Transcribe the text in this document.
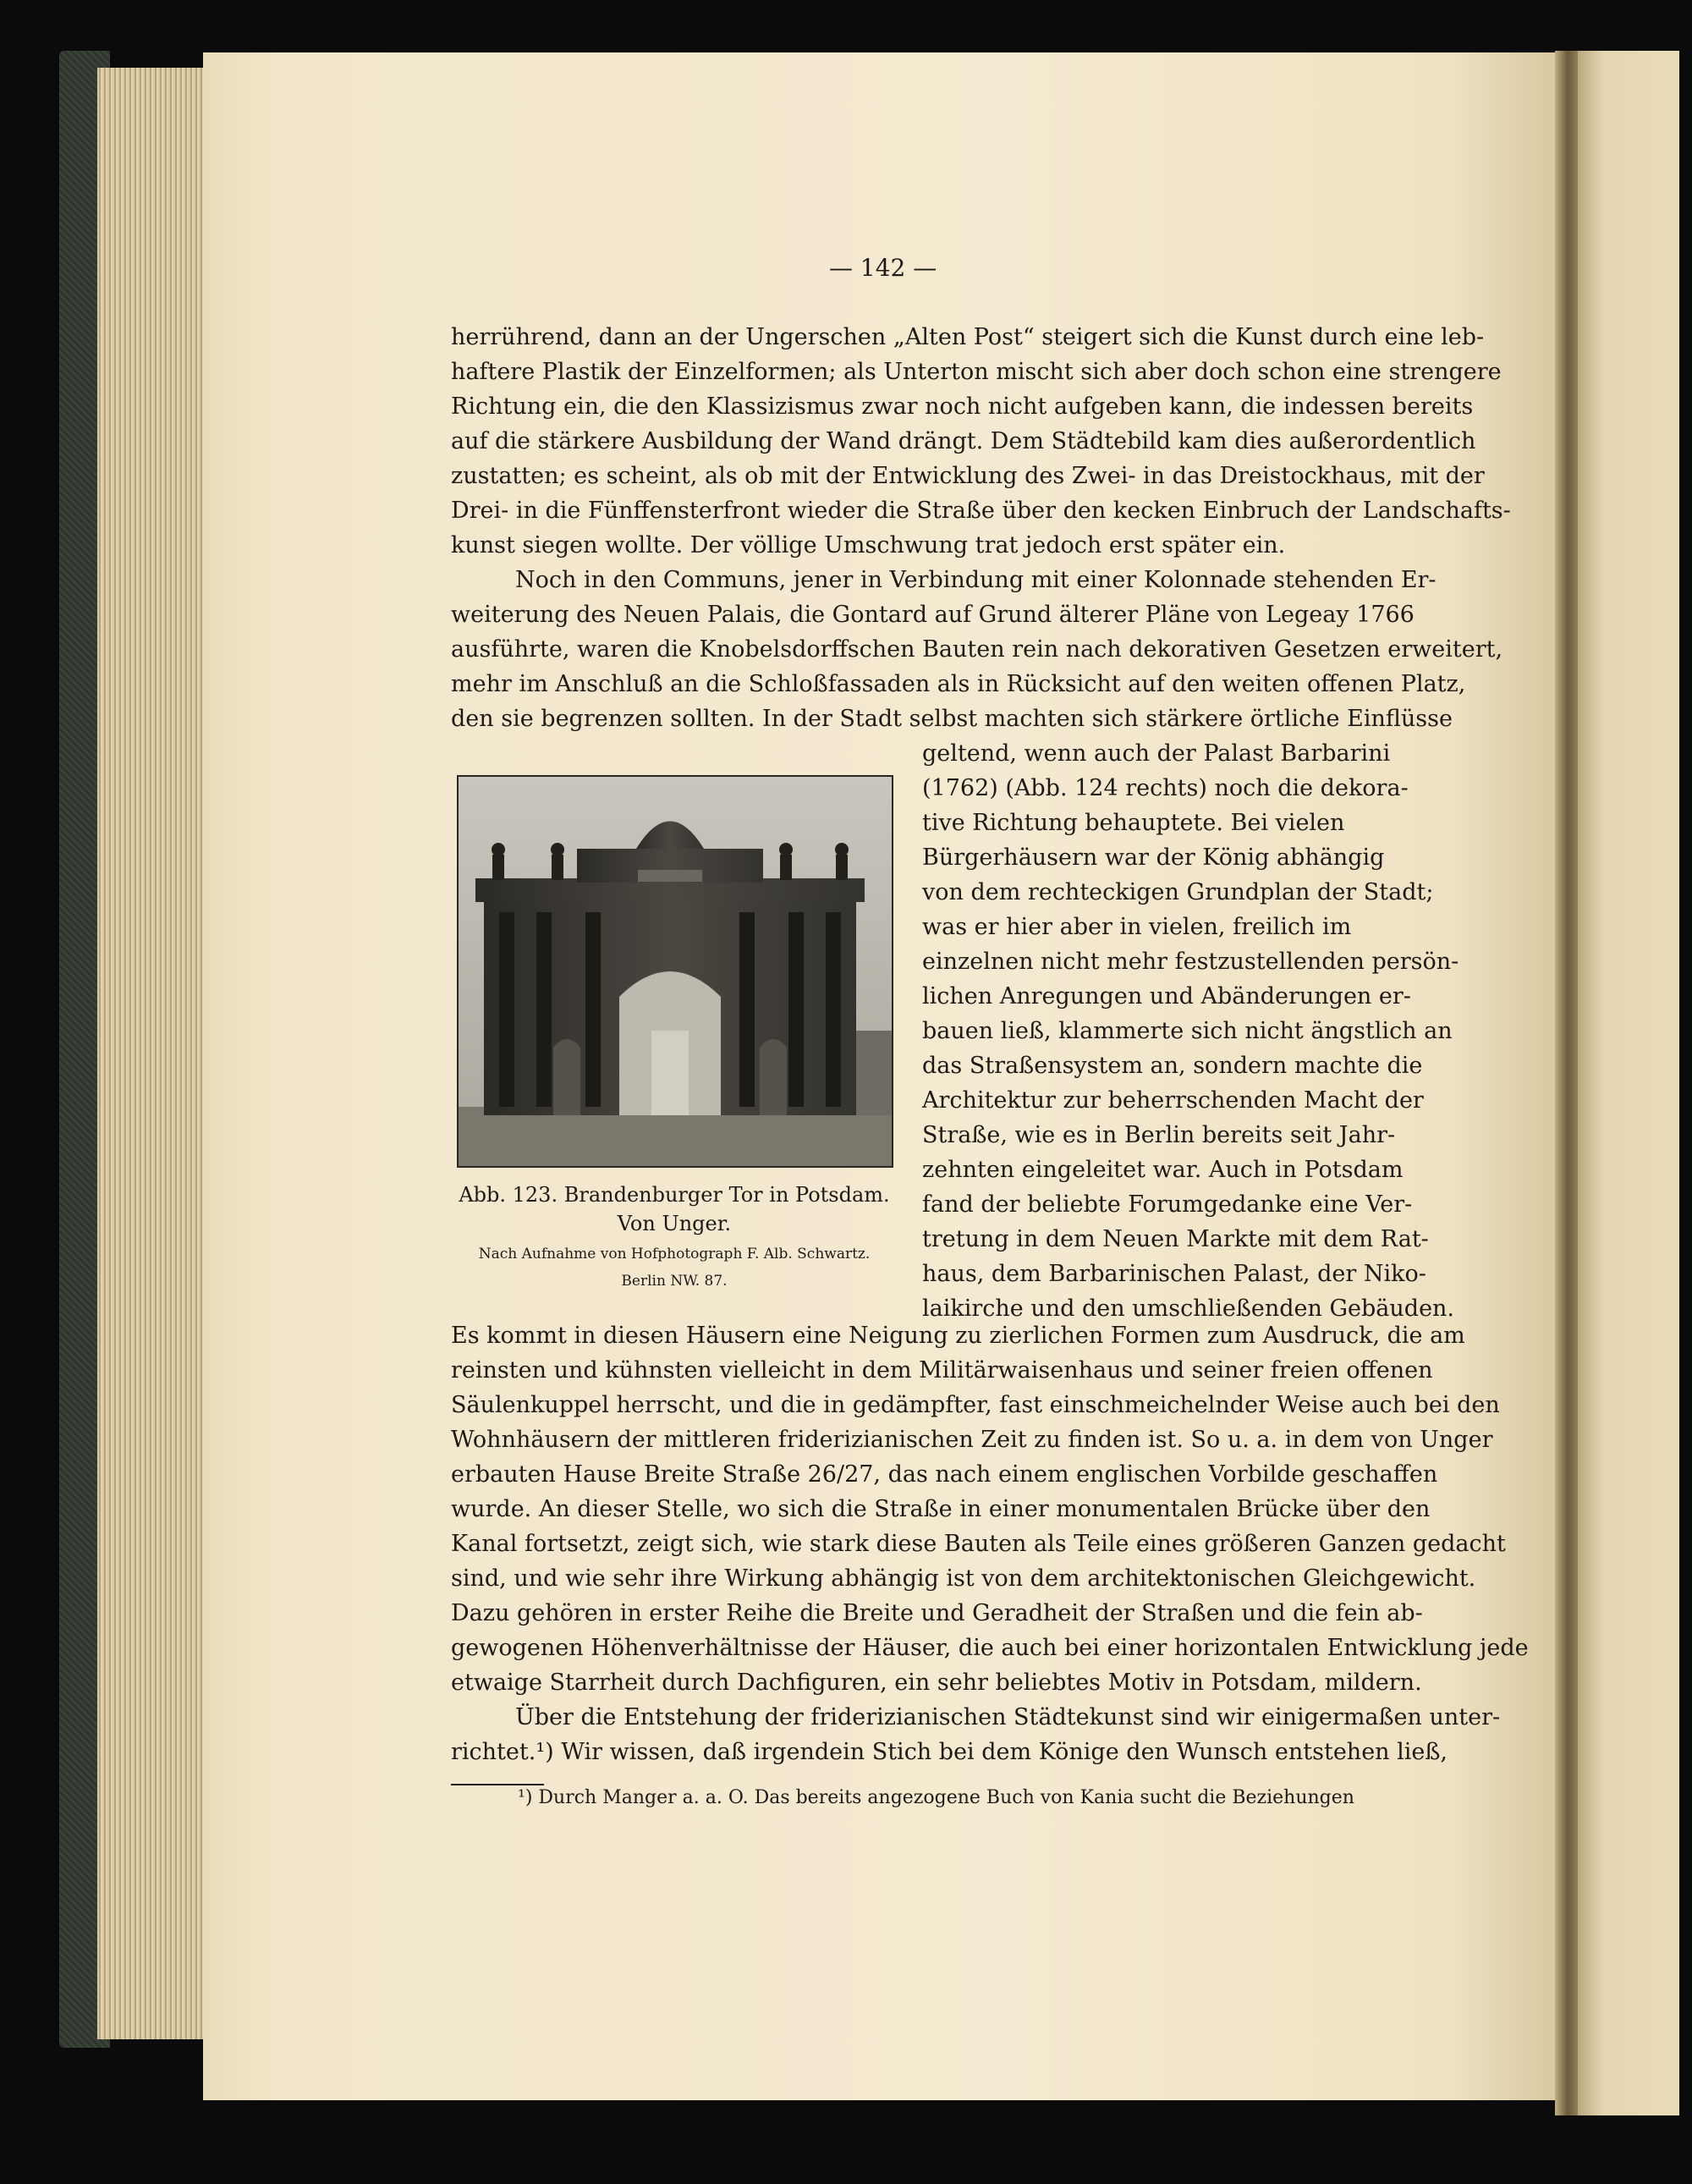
— 142 —
herrührend, dann an der Ungerschen „Alten Post“ steigert sich die Kunst durch eine leb-
haftere Plastik der Einzelformen; als Unterton mischt sich aber doch schon eine strengere
Richtung ein, die den Klassizismus zwar noch nicht aufgeben kann, die indessen bereits
auf die stärkere Ausbildung der Wand drängt. Dem Städtebild kam dies außerordentlich
zustatten; es scheint, als ob mit der Entwicklung des Zwei- in das Dreistockhaus, mit der
Drei- in die Fünffensterfront wieder die Straße über den kecken Einbruch der Landschafts-
kunst siegen wollte. Der völlige Umschwung trat jedoch erst später ein.
Noch in den Communs, jener in Verbindung mit einer Kolonnade stehenden Er-
weiterung des Neuen Palais, die Gontard auf Grund älterer Pläne von Legeay 1766
ausführte, waren die Knobelsdorffschen Bauten rein nach dekorativen Gesetzen erweitert,
mehr im Anschluß an die Schloßfassaden als in Rücksicht auf den weiten offenen Platz,
den sie begrenzen sollten. In der Stadt selbst machten sich stärkere örtliche Einflüsse
Abb. 123. Brandenburger Tor in Potsdam.
Von Unger.
Nach Aufnahme von Hofphotograph F. Alb. Schwartz.
Berlin NW. 87.
geltend, wenn auch der Palast Barbarini
(1762) (Abb. 124 rechts) noch die dekora-
tive Richtung behauptete. Bei vielen
Bürgerhäusern war der König abhängig
von dem rechteckigen Grundplan der Stadt;
was er hier aber in vielen, freilich im
einzelnen nicht mehr festzustellenden persön-
lichen Anregungen und Abänderungen er-
bauen ließ, klammerte sich nicht ängstlich an
das Straßensystem an, sondern machte die
Architektur zur beherrschenden Macht der
Straße, wie es in Berlin bereits seit Jahr-
zehnten eingeleitet war. Auch in Potsdam
fand der beliebte Forumgedanke eine Ver-
tretung in dem Neuen Markte mit dem Rat-
haus, dem Barbarinischen Palast, der Niko-
laikirche und den umschließenden Gebäuden.
Es kommt in diesen Häusern eine Neigung zu zierlichen Formen zum Ausdruck, die am
reinsten und kühnsten vielleicht in dem Militärwaisenhaus und seiner freien offenen
Säulenkuppel herrscht, und die in gedämpfter, fast einschmeichelnder Weise auch bei den
Wohnhäusern der mittleren friderizianischen Zeit zu finden ist. So u. a. in dem von Unger
erbauten Hause Breite Straße 26/27, das nach einem englischen Vorbilde geschaffen
wurde. An dieser Stelle, wo sich die Straße in einer monumentalen Brücke über den
Kanal fortsetzt, zeigt sich, wie stark diese Bauten als Teile eines größeren Ganzen gedacht
sind, und wie sehr ihre Wirkung abhängig ist von dem architektonischen Gleichgewicht.
Dazu gehören in erster Reihe die Breite und Geradheit der Straßen und die fein ab-
gewogenen Höhenverhältnisse der Häuser, die auch bei einer horizontalen Entwicklung jede
etwaige Starrheit durch Dachfiguren, ein sehr beliebtes Motiv in Potsdam, mildern.
Über die Entstehung der friderizianischen Städtekunst sind wir einigermaßen unter-
richtet.¹) Wir wissen, daß irgendein Stich bei dem Könige den Wunsch entstehen ließ,
¹) Durch Manger a. a. O. Das bereits angezogene Buch von Kania sucht die Beziehungen
